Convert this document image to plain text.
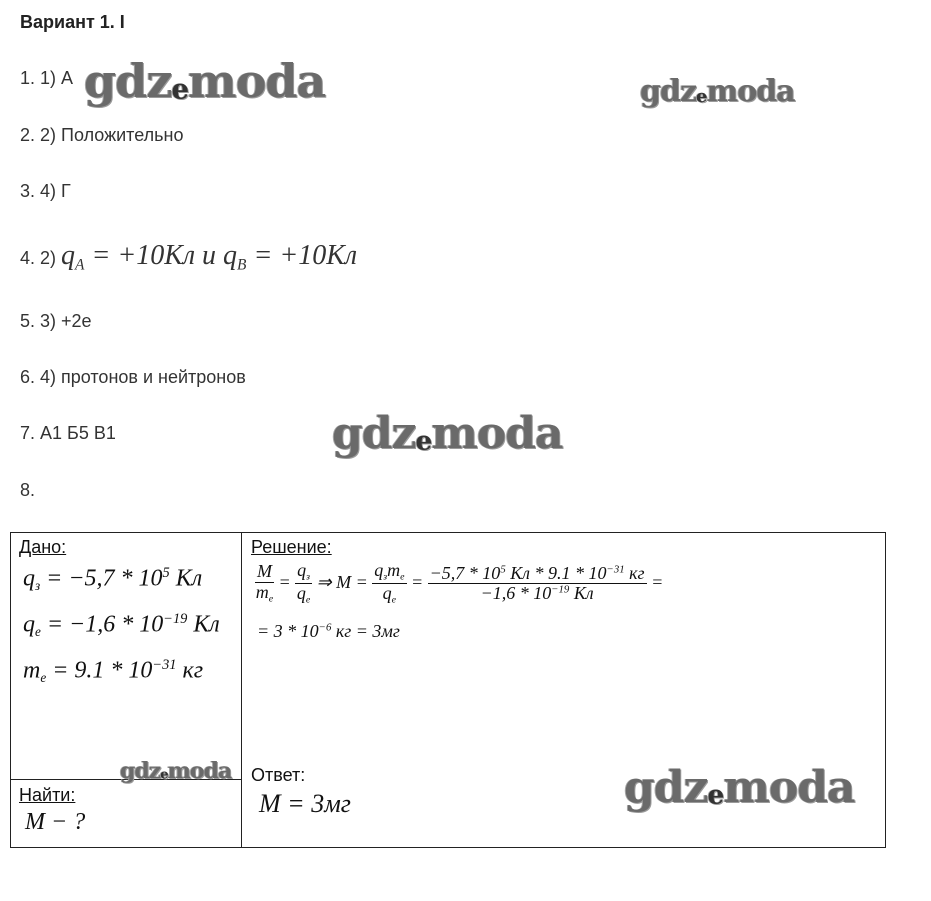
Вариант 1. I
1. 1) А
2. 2) Положительно
3. 4) Г
4. 2) $q_A = +10Кл$ и $q_B = +10Кл$
5. 3) +2е
6. 4) протонов и нейтронов
7. А1 Б5 В1
8.
gdzemoda	gdzemoda
gdzemoda
Дано:
$q_з = -5,7 * 10^5$ Кл
$q_e = -1,6 * 10^{-19}$ Кл
$m_e = 9.1 * 10^{-31}$ кг
Найти:
M − ?
Решение:
$\frac{M}{m_e} = \frac{q_з}{q_e}$ ⇒ $M = \frac{q_зm_e}{q_e} = \frac{-5,7 * 10^5 Кл * 9.1 * 10^{-31} кг}{-1,6 * 10^{-19} Кл}$ =
= $3 * 10^{-6}$ кг = 3мг
Ответ:
M = 3мг
gdzemoda	gdzemoda
